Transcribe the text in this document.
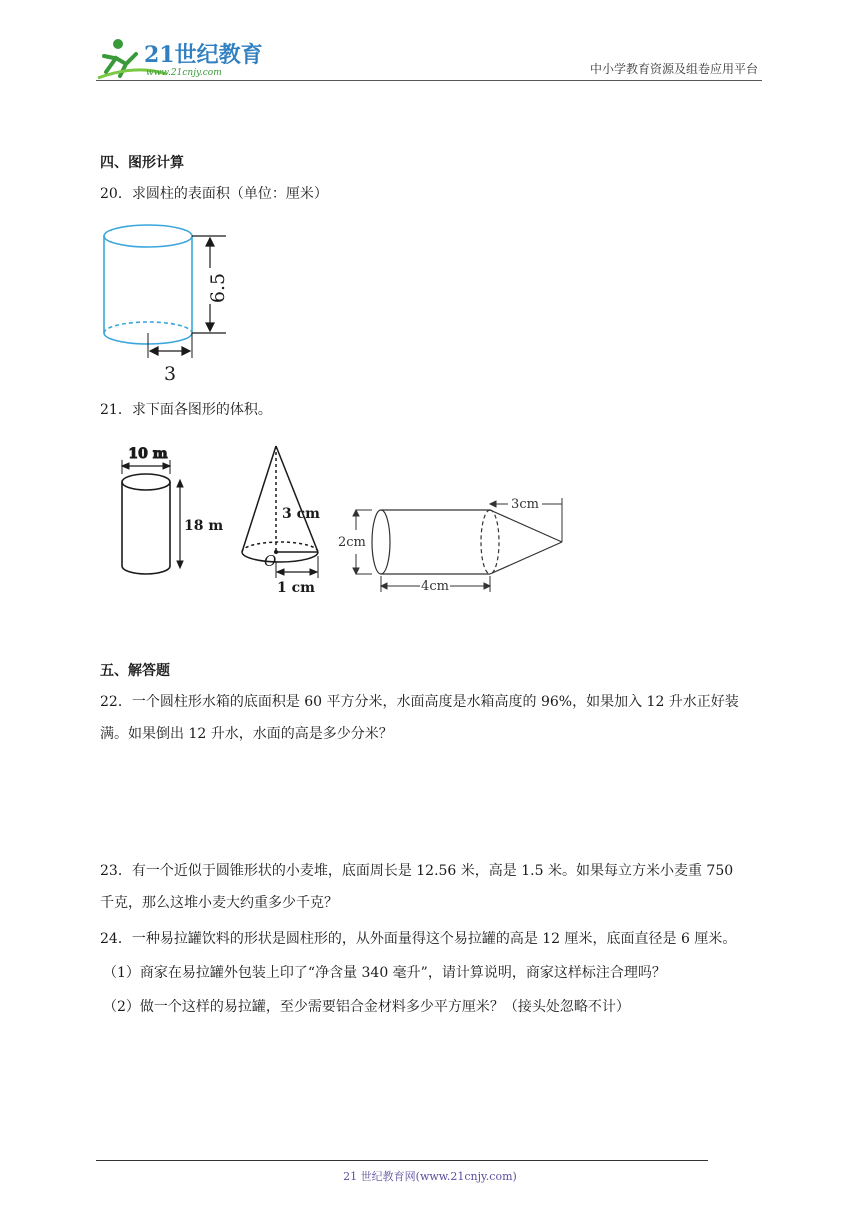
21世纪教育
www.21cnjy.com	中小学教育资源及组卷应用平台
四、图形计算
20．求圆柱的表面积（单位：厘米）
6.5
3
21．求下面各图形的体积。
10 m
18 m
3 cm
O
1 cm
2cm
4cm
3cm
五、解答题
22．一个圆柱形水箱的底面积是 60 平方分米，水面高度是水箱高度的 96%，如果加入 12 升水正好装
满。如果倒出 12 升水，水面的高是多少分米？
23．有一个近似于圆锥形状的小麦堆，底面周长是 12.56 米，高是 1.5 米。如果每立方米小麦重 750
千克，那么这堆小麦大约重多少千克？
24．一种易拉罐饮料的形状是圆柱形的，从外面量得这个易拉罐的高是 12 厘米，底面直径是 6 厘米。
（1）商家在易拉罐外包装上印了“净含量 340 毫升”，请计算说明，商家这样标注合理吗？
（2）做一个这样的易拉罐，至少需要铝合金材料多少平方厘米？（接头处忽略不计）
21 世纪教育网(www.21cnjy.com)
